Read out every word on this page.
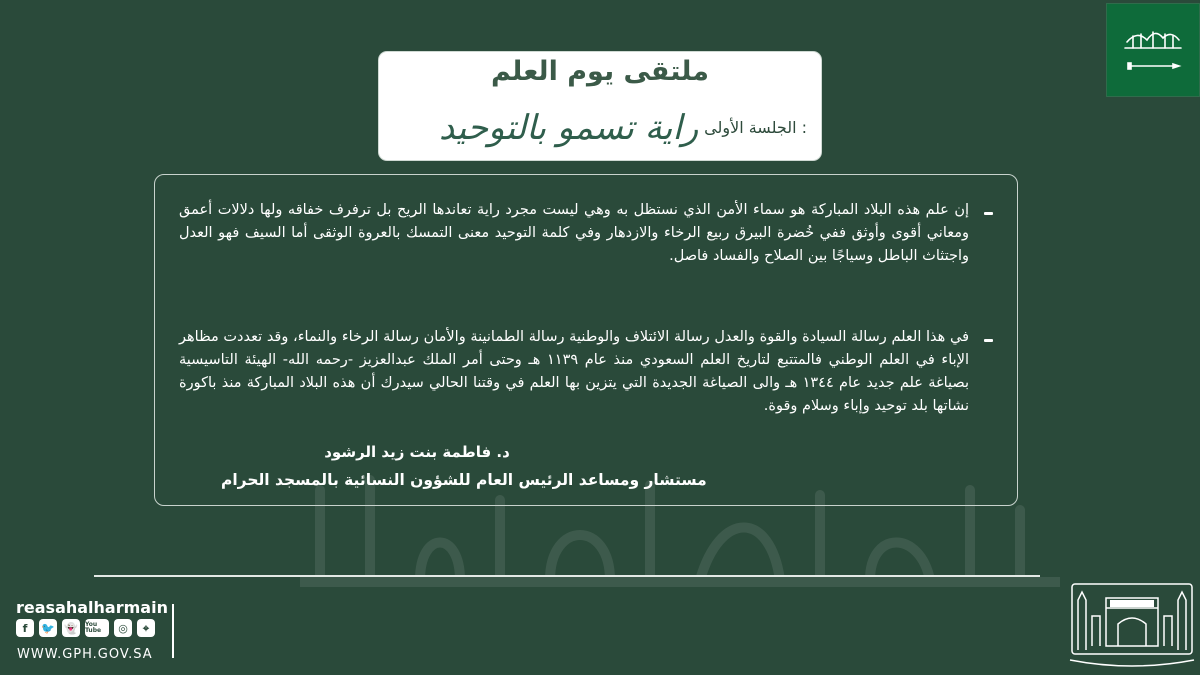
ملتقى يوم العلم
الجلسة الأولى :
راية تسمو بالتوحيد
إن علم هذه البلاد المباركة هو سماء الأمن الذي نستظل به وهي ليست مجرد راية تعاندها الريح بل ترفرف خفاقه ولها دلالات أعمق ومعاني أقوى وأوثق ففي خُضرة البيرق ربيع الرخاء والازدهار وفي كلمة التوحيد معنى التمسك بالعروة الوثقى أما السيف فهو العدل واجتثاث الباطل وسياجًا بين الصلاح والفساد فاصل.
في هذا العلم رسالة السيادة والقوة والعدل رسالة الائتلاف والوطنية رسالة الطمانينة والأمان رسالة الرخاء والنماء، وقد تعددت مظاهر الإباء في العلم الوطني فالمتتبع لتاريخ العلم السعودي منذ عام ١١٣٩ هـ وحتى أمر الملك عبدالعزيز -رحمه الله- الهيئة التاسيسية بصياغة علم جديد عام ١٣٤٤ هـ والى الصياغة الجديدة التي يتزين بها العلم في وقتنا الحالي سيدرك أن هذه البلاد المباركة منذ باكورة نشاتها بلد توحيد وإباء وسلام وقوة.
د. فاطمة بنت زيد الرشود
مستشار ومساعد الرئيس العام للشؤون النسائية بالمسجد الحرام
reasahalharmain
f	🐦 👻	You Tube	◎	⌖
WWW.GPH.GOV.SA
